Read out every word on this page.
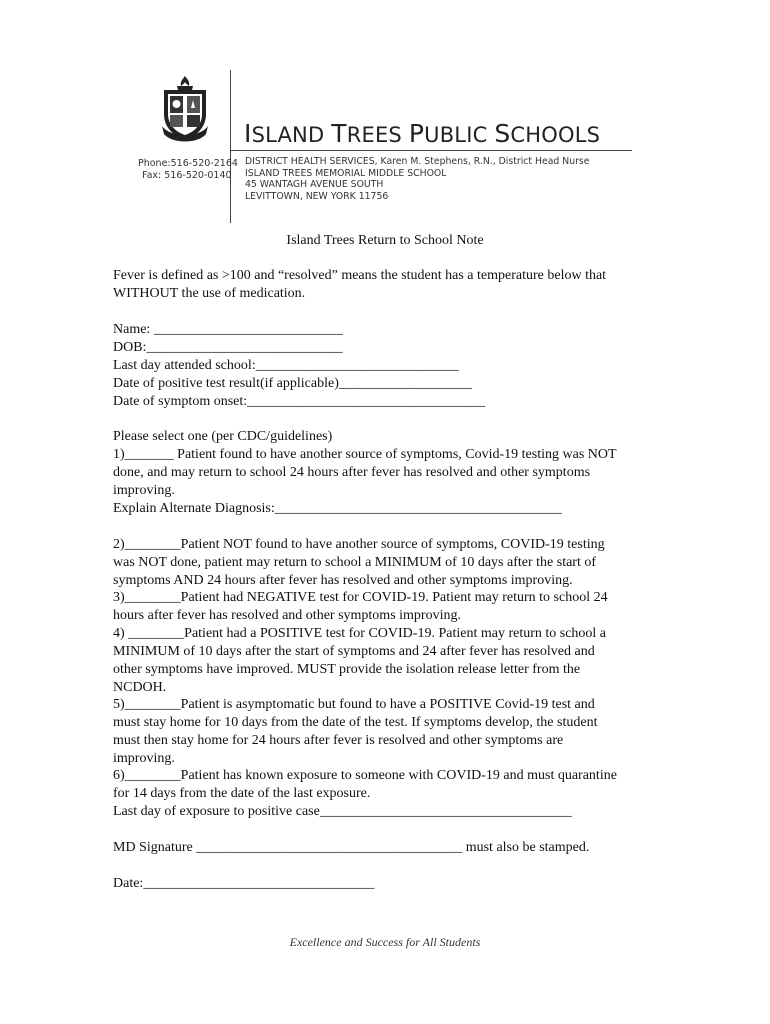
ISLAND TREES PUBLIC SCHOOLS
Phone:516-520-2164
Fax: 516-520-0140
DISTRICT HEALTH SERVICES, Karen M. Stephens, R.N., District Head Nurse
ISLAND TREES MEMORIAL MIDDLE SCHOOL
45 WANTAGH AVENUE SOUTH
LEVITTOWN, NEW YORK 11756
Island Trees Return to School Note
Fever is defined as >100 and “resolved” means the student has a temperature below that
WITHOUT the use of medication.
Name: ___________________________
DOB:____________________________
Last day attended school:_____________________________
Date of positive test result(if applicable)___________________
Date of symptom onset:__________________________________
Please select one (per CDC/guidelines)
1)_______ Patient found to have another source of symptoms, Covid-19 testing was NOT
done, and may return to school 24 hours after fever has resolved and other symptoms
improving.
Explain Alternate Diagnosis:_________________________________________
2)________Patient NOT found to have another source of symptoms, COVID-19 testing
was NOT done, patient may return to school a MINIMUM of 10 days after the start of
symptoms AND 24 hours after fever has resolved and other symptoms improving.
3)________Patient had NEGATIVE test for COVID-19. Patient may return to school 24
hours after fever has resolved and other symptoms improving.
4) ________Patient had a POSITIVE test for COVID-19. Patient may return to school a
MINIMUM of 10 days after the start of symptoms and 24 after fever has resolved and
other symptoms have improved. MUST provide the isolation release letter from the
NCDOH.
5)________Patient is asymptomatic but found to have a POSITIVE Covid-19 test and
must stay home for 10 days from the date of the test. If symptoms develop, the student
must then stay home for 24 hours after fever is resolved and other symptoms are
improving.
6)________Patient has known exposure to someone with COVID-19 and must quarantine
for 14 days from the date of the last exposure.
Last day of exposure to positive case____________________________________
MD Signature ______________________________________ must also be stamped.
Date:_________________________________
Excellence and Success for All Students
